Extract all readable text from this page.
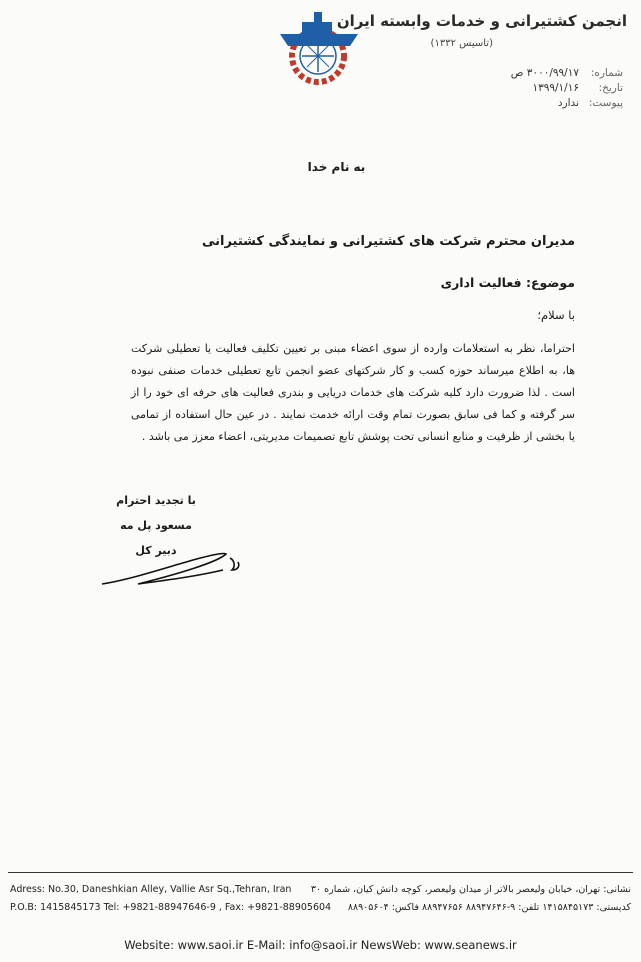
انجمن کشتیرانی و خدمات وابسته ایران
(تاسیس ۱۳۳۲)
شماره:
۳۰۰۰/۹۹/۱۷ ص
تاریخ:
۱۳۹۹/۱/۱۶
پیوست:
ندارد
به نام خدا
مدیران محترم شرکت های کشتیرانی و نمایندگی کشتیرانی
موضوع: فعالیت اداری
با سلام؛
احتراما، نظر به استعلامات وارده از سوی اعضاء مبنی بر تعیین تکلیف فعالیت یا تعطیلی شرکت ها، به اطلاع میرساند حوزه کسب و کار شرکتهای عضو انجمن تابع تعطیلی خدمات صنفی نبوده است . لذا ضرورت دارد کلیه شرکت های خدمات دریایی و بندری فعالیت های حرفه ای خود را از سر گرفته و کما فی سابق بصورت تمام وقت ارائه خدمت نمایند . در عین حال استفاده از تمامی یا بخشی از ظرفیت و منابع انسانی تحت پوشش تابع تصمیمات مدیریتی، اعضاء معزز می باشد .
با تجدید احترام
مسعود پل مه
دبیر کل
Adress: No.30, Daneshkian Alley, Vallie Asr Sq.,Tehran, Iran
P.O.B: 1415845173 Tel: +9821-88947646-9 , Fax: +9821-88905604
نشانی: تهران، خیابان ولیعصر بالاتر از میدان ولیعصر، کوچه دانش کیان، شماره ۳۰
کدپستی: ۱۴۱۵۸۴۵۱۷۳ تلفن: ۹-۸۸۹۴۷۶۴۶ ۸۸۹۴۷۶۵۶ فاکس: ۸۸۹۰۵۶۰۴
Website: www.saoi.ir E-Mail: info@saoi.ir NewsWeb: www.seanews.ir
